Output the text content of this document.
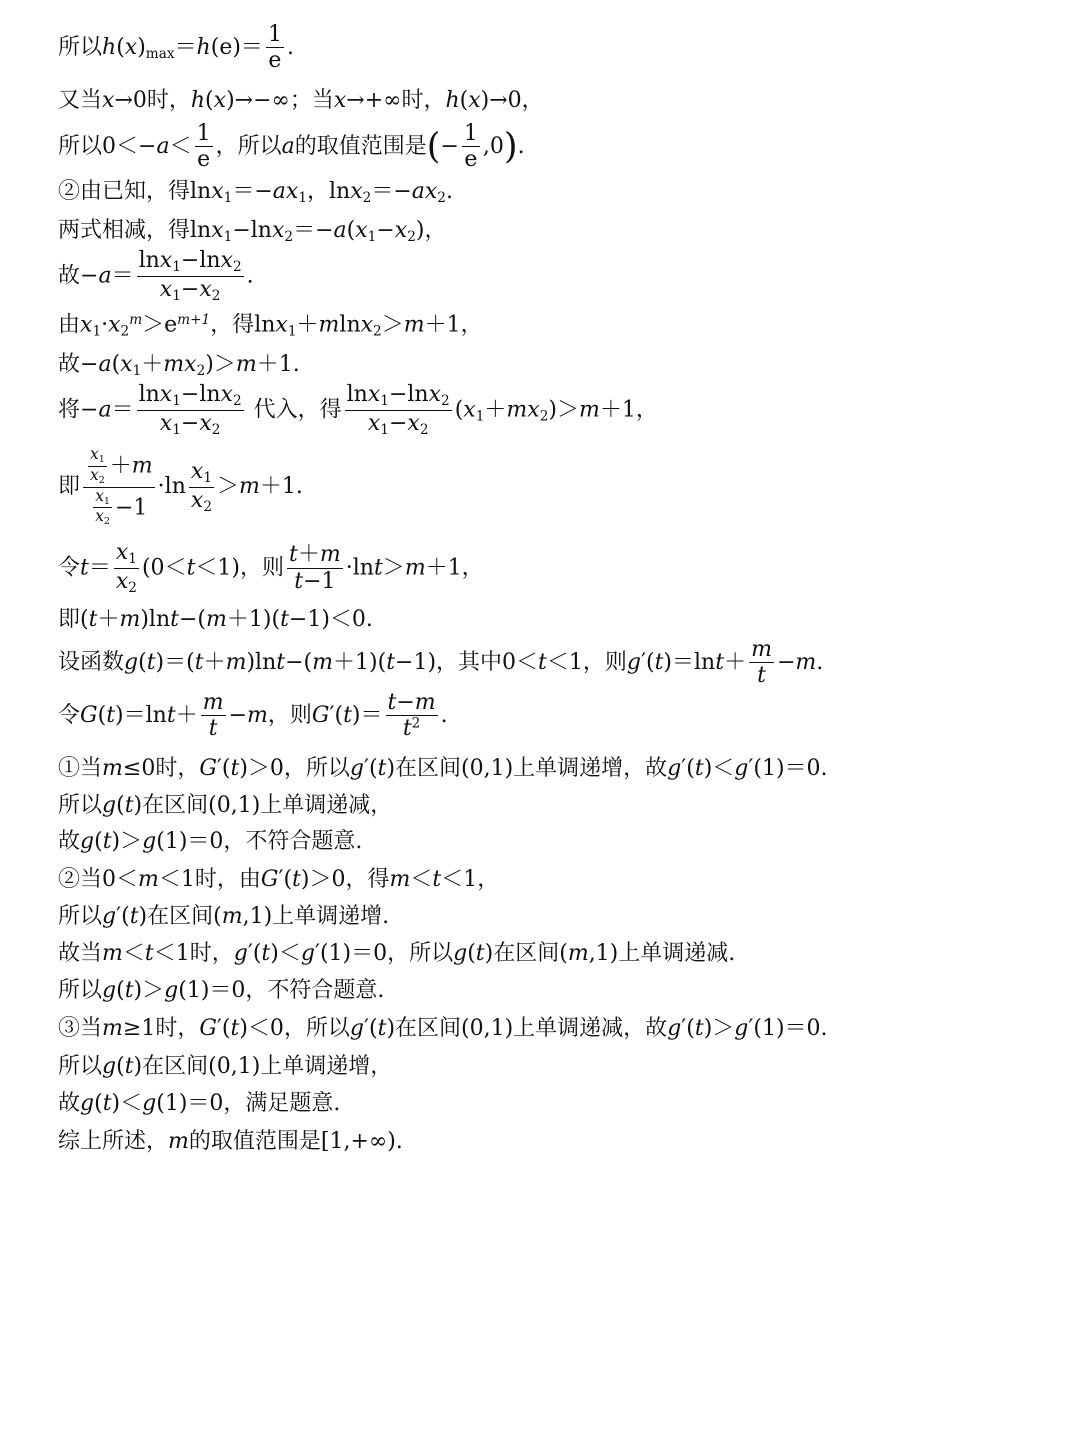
所以$h(x)_{max}=h(e)= \frac{1}{e}$ .
又当x→0时，h(x)→−∞；当x→+∞时，h(x)→0，
所以$0<-a< \frac{1}{e}$ ，所以a的取值范围是(− $\frac{1}{e} ,0$).
②由已知，得$\ln x_1=-ax_1$，$\ln x_2=-ax_2$.
两式相减，得$\ln x_1-\ln x_2=-a(x_1-x_2)$，
故$-a= \frac{\ln x_1-\ln x_2}{x_1-x_2}$ .
由$x_1\cdot x_2^m>e^{m+1}$，得lnx$_1$＋mlnx$_2$＞m＋1，
故$-a(x_1+mx_2)>m+1$.
将$-a= \frac{\ln x_1-\ln x_2}{x_1-x_2}$ 代入，得 $\frac{\ln x_1-\ln x_2}{x_1-x_2} (x_1+mx_2)>m+1$，
即 $\frac{\frac{x_1}{x_2} +m}{\frac{x_1}{x_2} -1} \cdot\ln \frac{x_1}{x_2} >m+1$.
令$t= \frac{x_1}{x_2} (0<t<1)$，则 $\frac{t+m}{t-1} \cdot\ln t>m+1$，
即(t＋m)lnt−(m＋1)(t−1)＜0.
设函数g(t)＝(t＋m)lnt−(m＋1)(t−1)，其中0＜t＜1，则$g'(t)=\ln t+ \frac{m}{t} -m$.
令$G(t)=\ln t+ \frac{m}{t} -m$，则$G'(t)= \frac{t-m}{t^2}$ .
①当m≤0时，G′(t)＞0，所以g′(t)在区间(0,1)上单调递增，故g′(t)＜g′(1)＝0.
所以g(t)在区间(0,1)上单调递减，
故g(t)＞g(1)＝0，不符合题意.
②当0＜m＜1时，由G′(t)＞0，得m＜t＜1，
所以g′(t)在区间(m,1)上单调递增.
故当m＜t＜1时，g′(t)＜g′(1)＝0，所以g(t)在区间(m,1)上单调递减.
所以g(t)＞g(1)＝0，不符合题意.
③当m≥1时，G′(t)＜0，所以g′(t)在区间(0,1)上单调递减，故g′(t)＞g′(1)＝0.
所以g(t)在区间(0,1)上单调递增，
故g(t)＜g(1)＝0，满足题意.
综上所述，m的取值范围是[1,+∞).
